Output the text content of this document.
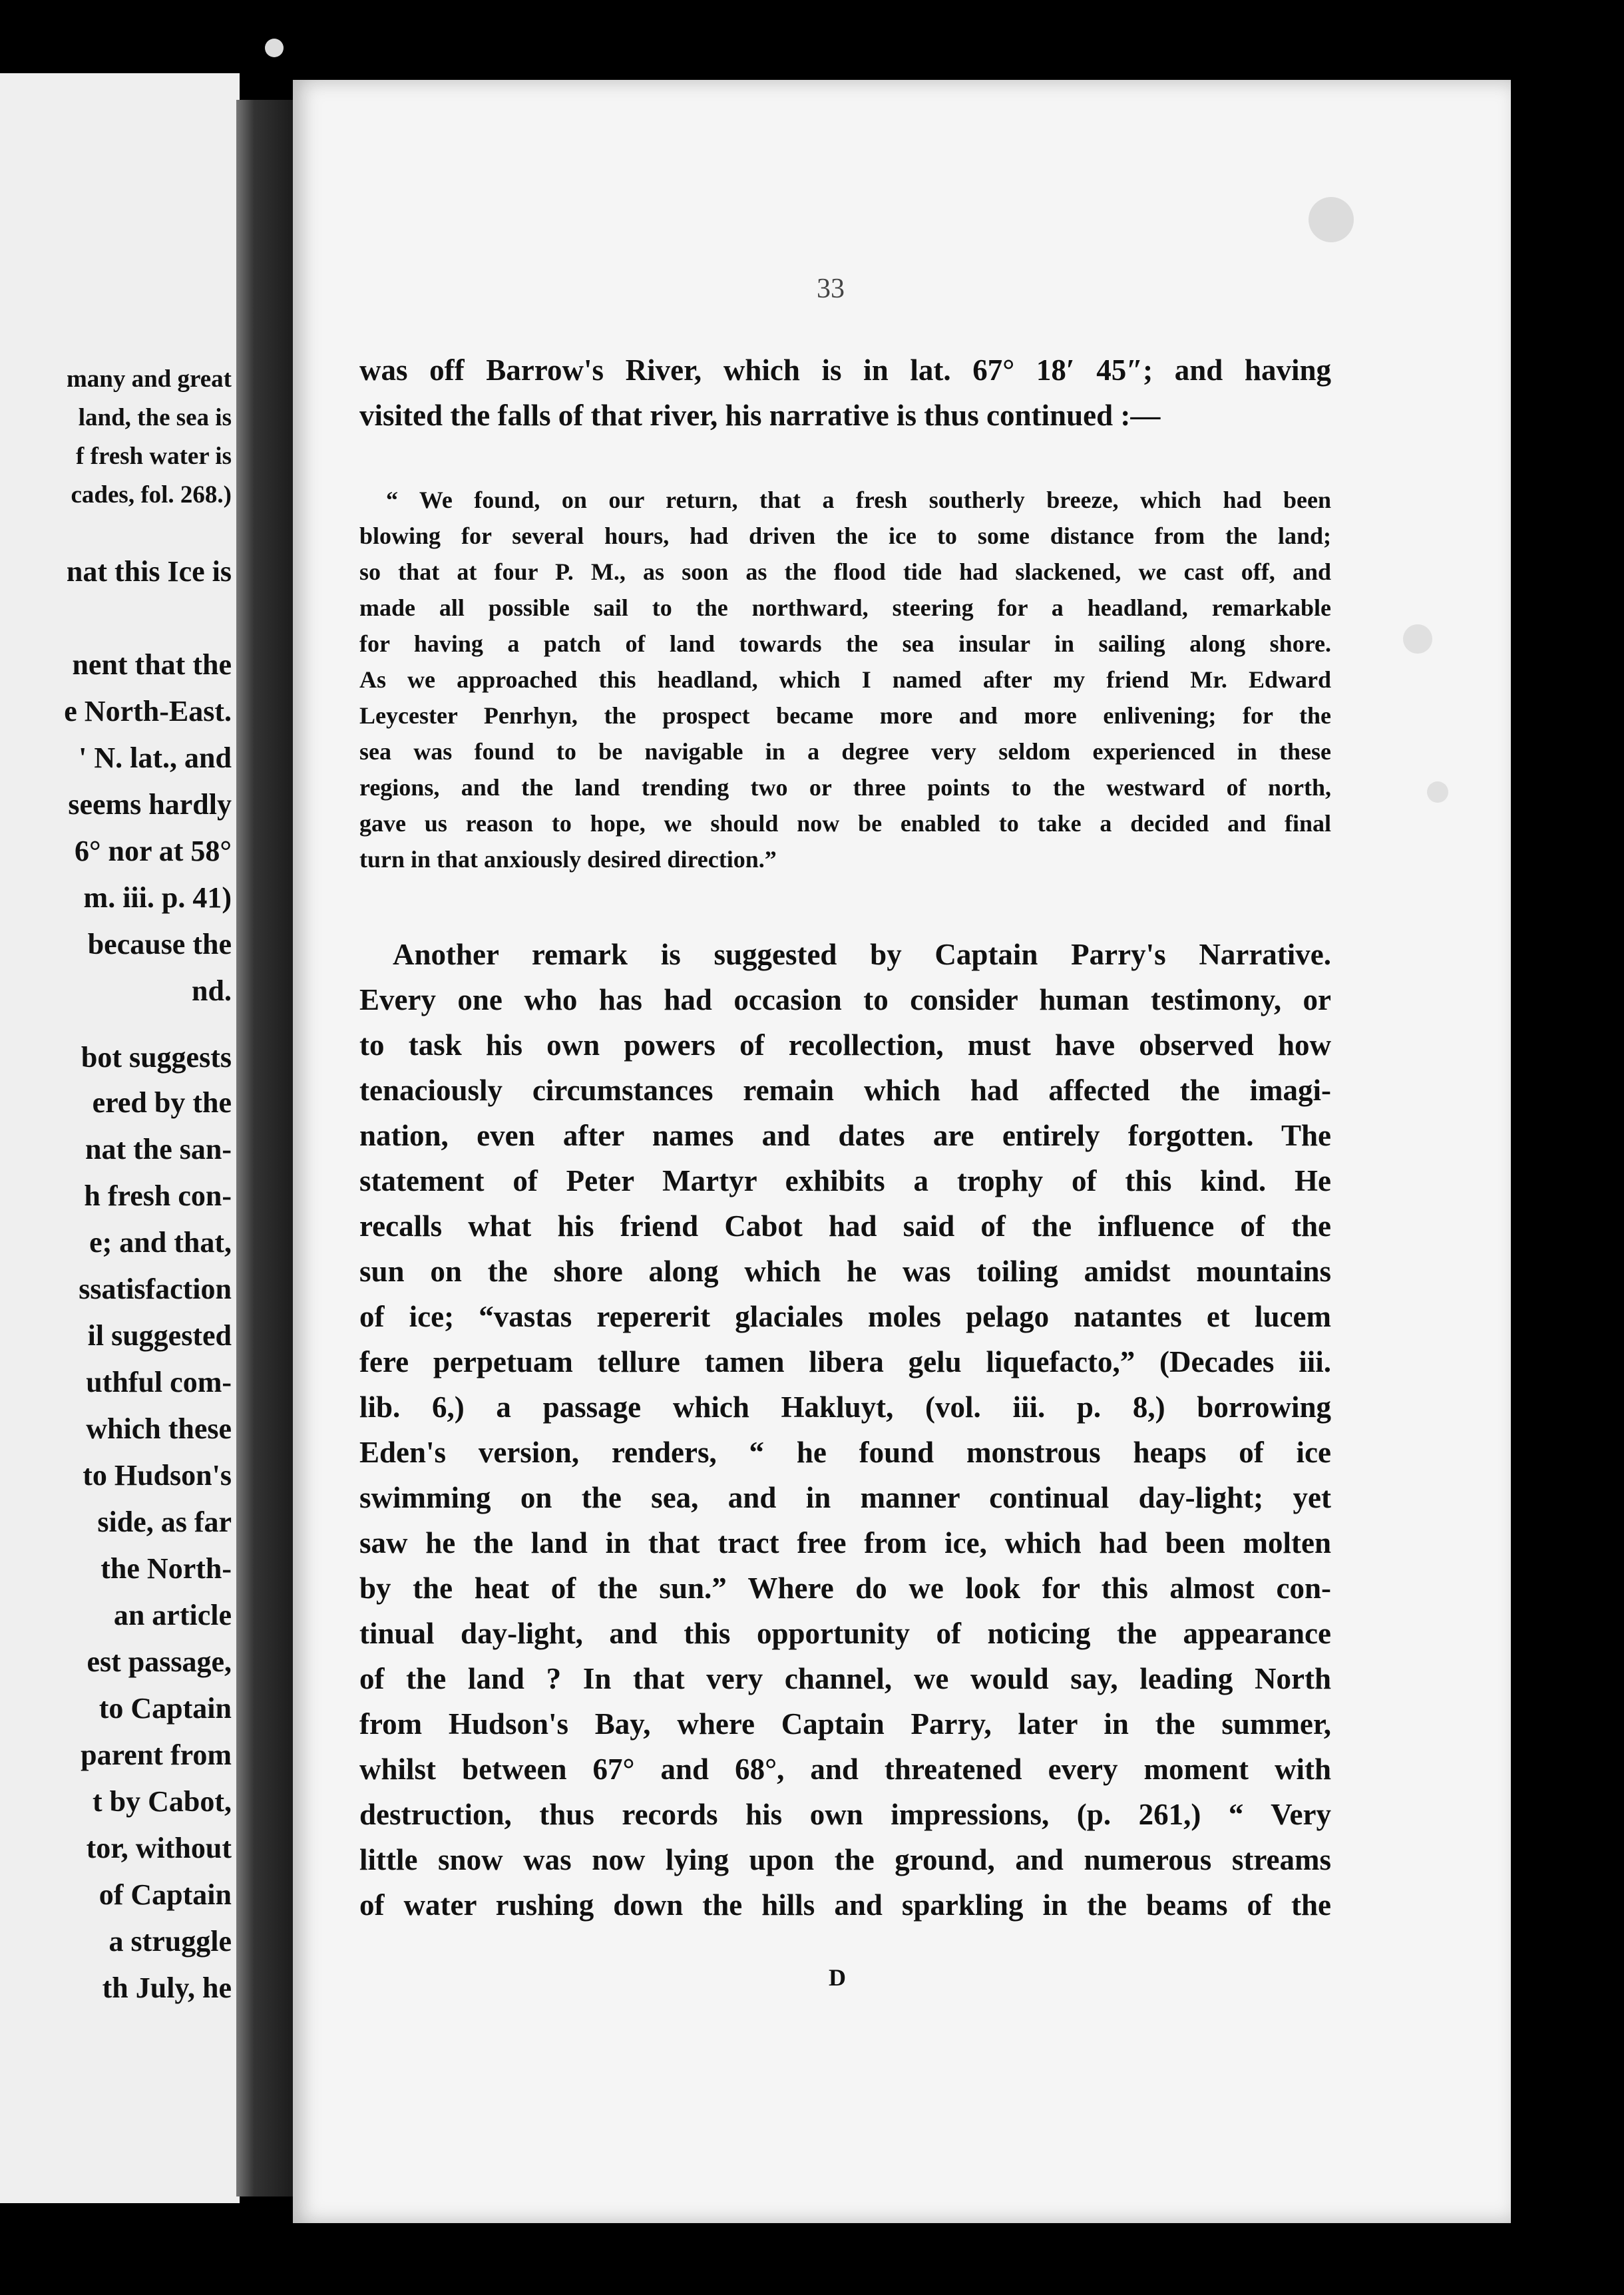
many and great
land, the sea is
f fresh water is
cades, fol. 268.)
nat this Ice is
nent that the
e North-East.
' N. lat., and
seems hardly
6° nor at 58°
m. iii. p. 41)
because the
nd.
bot suggests
ered by the
nat the san-
h fresh con-
e; and that,
ssatisfaction
il suggested
uthful com-
which these
to Hudson's
side, as far
the North-
an article
est passage,
to Captain
parent from
t by Cabot,
tor, without
of Captain
a struggle
th July, he
33
was off Barrow's River, which is in lat. 67° 18′ 45″; and having
visited the falls of that river, his narrative is thus continued :—
“ We found, on our return, that a fresh southerly breeze, which had been
blowing for several hours, had driven the ice to some distance from the land;
so that at four P. M., as soon as the flood tide had slackened, we cast off, and
made all possible sail to the northward, steering for a headland, remarkable
for having a patch of land towards the sea insular in sailing along shore.
As we approached this headland, which I named after my friend Mr. Edward
Leycester Penrhyn, the prospect became more and more enlivening; for the
sea was found to be navigable in a degree very seldom experienced in these
regions, and the land trending two or three points to the westward of north,
gave us reason to hope, we should now be enabled to take a decided and final
turn in that anxiously desired direction.”
Another remark is suggested by Captain Parry's Narrative.
Every one who has had occasion to consider human testimony, or
to task his own powers of recollection, must have observed how
tenaciously circumstances remain which had affected the imagi-
nation, even after names and dates are entirely forgotten. The
statement of Peter Martyr exhibits a trophy of this kind. He
recalls what his friend Cabot had said of the influence of the
sun on the shore along which he was toiling amidst mountains
of ice; “vastas repererit glaciales moles pelago natantes et lucem
fere perpetuam tellure tamen libera gelu liquefacto,” (Decades iii.
lib. 6,) a passage which Hakluyt, (vol. iii. p. 8,) borrowing
Eden's version, renders, “ he found monstrous heaps of ice
swimming on the sea, and in manner continual day-light; yet
saw he the land in that tract free from ice, which had been molten
by the heat of the sun.” Where do we look for this almost con-
tinual day-light, and this opportunity of noticing the appearance
of the land ? In that very channel, we would say, leading North
from Hudson's Bay, where Captain Parry, later in the summer,
whilst between 67° and 68°, and threatened every moment with
destruction, thus records his own impressions, (p. 261,) “ Very
little snow was now lying upon the ground, and numerous streams
of water rushing down the hills and sparkling in the beams of the
D
